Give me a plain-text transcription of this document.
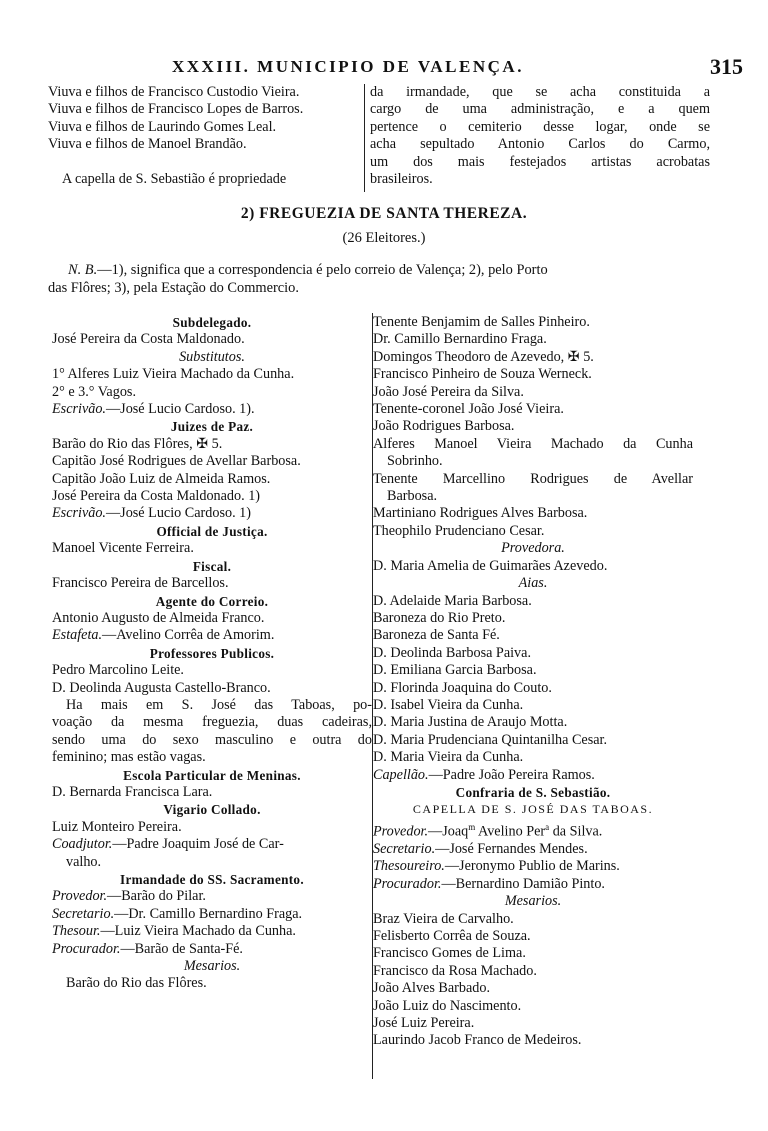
XXXIII. MUNICIPIO DE VALENÇA.	315
Viuva e filhos de Francisco Custodio Vieira.
Viuva e filhos de Francisco Lopes de Barros.
Viuva e filhos de Laurindo Gomes Leal.
Viuva e filhos de Manoel Brandão.
A capella de S. Sebastião é propriedade
da irmandade, que se acha constituida a
cargo de uma administração, e a quem
pertence o cemiterio desse logar, onde se
acha sepultado Antonio Carlos do Carmo,
um dos mais festejados artistas acrobatas
brasileiros.
2) FREGUEZIA DE SANTA THEREZA.
(26 Eleitores.)
N. B.—1), significa que a correspondencia é pelo correio de Valença; 2), pelo Porto
das Flôres; 3), pela Estação do Commercio.
Subdelegado.
José Pereira da Costa Maldonado.
Substitutos.
1° Alferes Luiz Vieira Machado da Cunha.
2° e 3.° Vagos.
Escrivão.—José Lucio Cardoso. 1).
Juizes de Paz.
Barão do Rio das Flôres, ✠ 5.
Capitão José Rodrigues de Avellar Barbosa.
Capitão João Luiz de Almeida Ramos.
José Pereira da Costa Maldonado. 1)
Escrivão.—José Lucio Cardoso. 1)
Official de Justiça.
Manoel Vicente Ferreira.
Fiscal.
Francisco Pereira de Barcellos.
Agente do Correio.
Antonio Augusto de Almeida Franco.
Estafeta.—Avelino Corrêa de Amorim.
Professores Publicos.
Pedro Marcolino Leite.
D. Deolinda Augusta Castello-Branco.
Ha mais em S. José das Taboas, po-
voação da mesma freguezia, duas cadeiras,
sendo uma do sexo masculino e outra do
feminino; mas estão vagas.
Escola Particular de Meninas.
D. Bernarda Francisca Lara.
Vigario Collado.
Luiz Monteiro Pereira.
Coadjutor.—Padre Joaquim José de Car-
valho.
Irmandade do SS. Sacramento.
Provedor.—Barão do Pilar.
Secretario.—Dr. Camillo Bernardino Fraga.
Thesour.—Luiz Vieira Machado da Cunha.
Procurador.—Barão de Santa-Fé.
Mesarios.
Barão do Rio das Flôres.
Tenente Benjamim de Salles Pinheiro.
Dr. Camillo Bernardino Fraga.
Domingos Theodoro de Azevedo, ✠ 5.
Francisco Pinheiro de Souza Werneck.
João José Pereira da Silva.
Tenente-coronel João José Vieira.
João Rodrigues Barbosa.
Alferes Manoel Vieira Machado da Cunha
Sobrinho.
Tenente Marcellino Rodrigues de Avellar
Barbosa.
Martiniano Rodrigues Alves Barbosa.
Theophilo Prudenciano Cesar.
Provedora.
D. Maria Amelia de Guimarães Azevedo.
Aias.
D. Adelaide Maria Barbosa.
Baroneza do Rio Preto.
Baroneza de Santa Fé.
D. Deolinda Barbosa Paiva.
D. Emiliana Garcia Barbosa.
D. Florinda Joaquina do Couto.
D. Isabel Vieira da Cunha.
D. Maria Justina de Araujo Motta.
D. Maria Prudenciana Quintanilha Cesar.
D. Maria Vieira da Cunha.
Capellão.—Padre João Pereira Ramos.
Confraria de S. Sebastião.
CAPELLA DE S. JOSÉ DAS TABOAS.
Provedor.—Joaq$^m$ Avelino Per$^a$ da Silva.
Secretario.—José Fernandes Mendes.
Thesoureiro.—Jeronymo Publio de Marins.
Procurador.—Bernardino Damião Pinto.
Mesarios.
Braz Vieira de Carvalho.
Felisberto Corrêa de Souza.
Francisco Gomes de Lima.
Francisco da Rosa Machado.
João Alves Barbado.
João Luiz do Nascimento.
José Luiz Pereira.
Laurindo Jacob Franco de Medeiros.
